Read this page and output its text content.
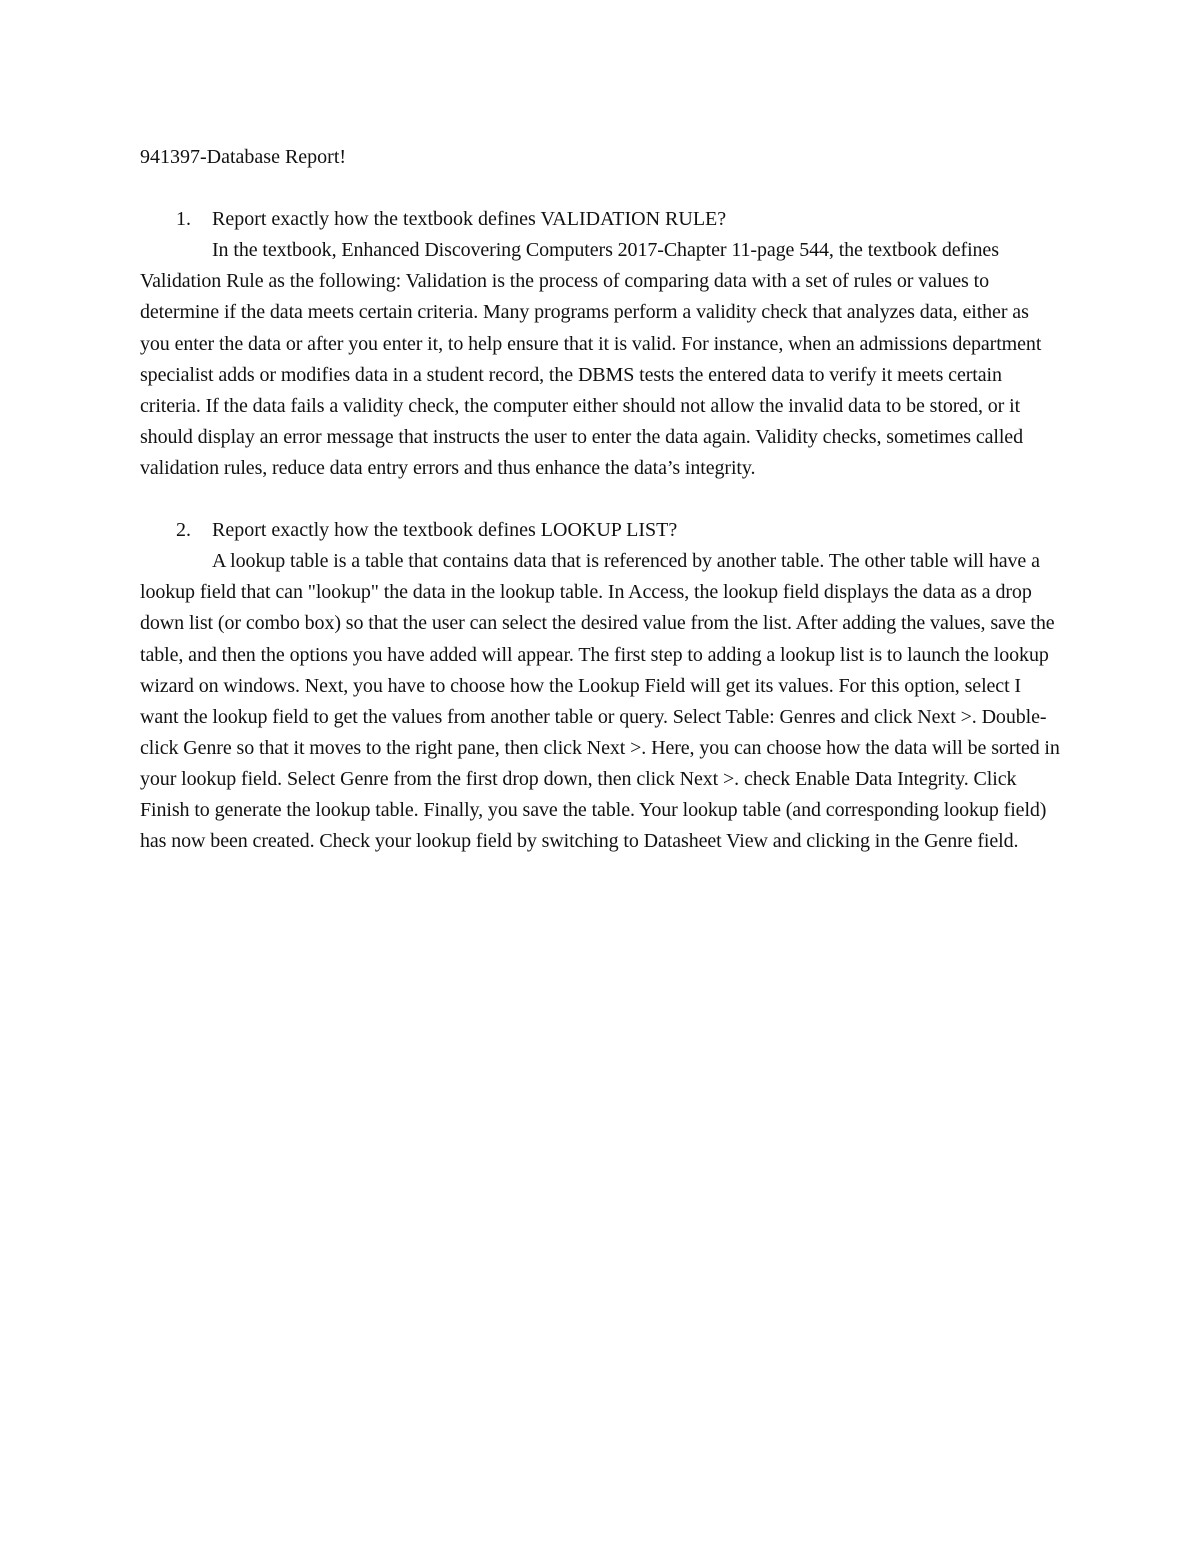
941397-Database Report!

1. Report exactly how the textbook defines VALIDATION RULE?

In the textbook, Enhanced Discovering Computers 2017-Chapter 11-page 544, the textbook defines Validation Rule as the following: Validation is the process of comparing data with a set of rules or values to determine if the data meets certain criteria. Many programs perform a validity check that analyzes data, either as you enter the data or after you enter it, to help ensure that it is valid. For instance, when an admissions department specialist adds or modifies data in a student record, the DBMS tests the entered data to verify it meets certain criteria. If the data fails a validity check, the computer either should not allow the invalid data to be stored, or it should display an error message that instructs the user to enter the data again. Validity checks, sometimes called validation rules, reduce data entry errors and thus enhance the data’s integrity.

2. Report exactly how the textbook defines LOOKUP LIST?

A lookup table is a table that contains data that is referenced by another table. The other table will have a lookup field that can "lookup" the data in the lookup table. In Access, the lookup field displays the data as a drop down list (or combo box) so that the user can select the desired value from the list. After adding the values, save the table, and then the options you have added will appear. The first step to adding a lookup list is to launch the lookup wizard on windows. Next, you have to choose how the Lookup Field will get its values. For this option, select I want the lookup field to get the values from another table or query. Select Table: Genres and click Next >. Double-click Genre so that it moves to the right pane, then click Next >. Here, you can choose how the data will be sorted in your lookup field. Select Genre from the first drop down, then click Next >. check Enable Data Integrity. Click Finish to generate the lookup table. Finally, you save the table. Your lookup table (and corresponding lookup field) has now been created. Check your lookup field by switching to Datasheet View and clicking in the Genre field.
